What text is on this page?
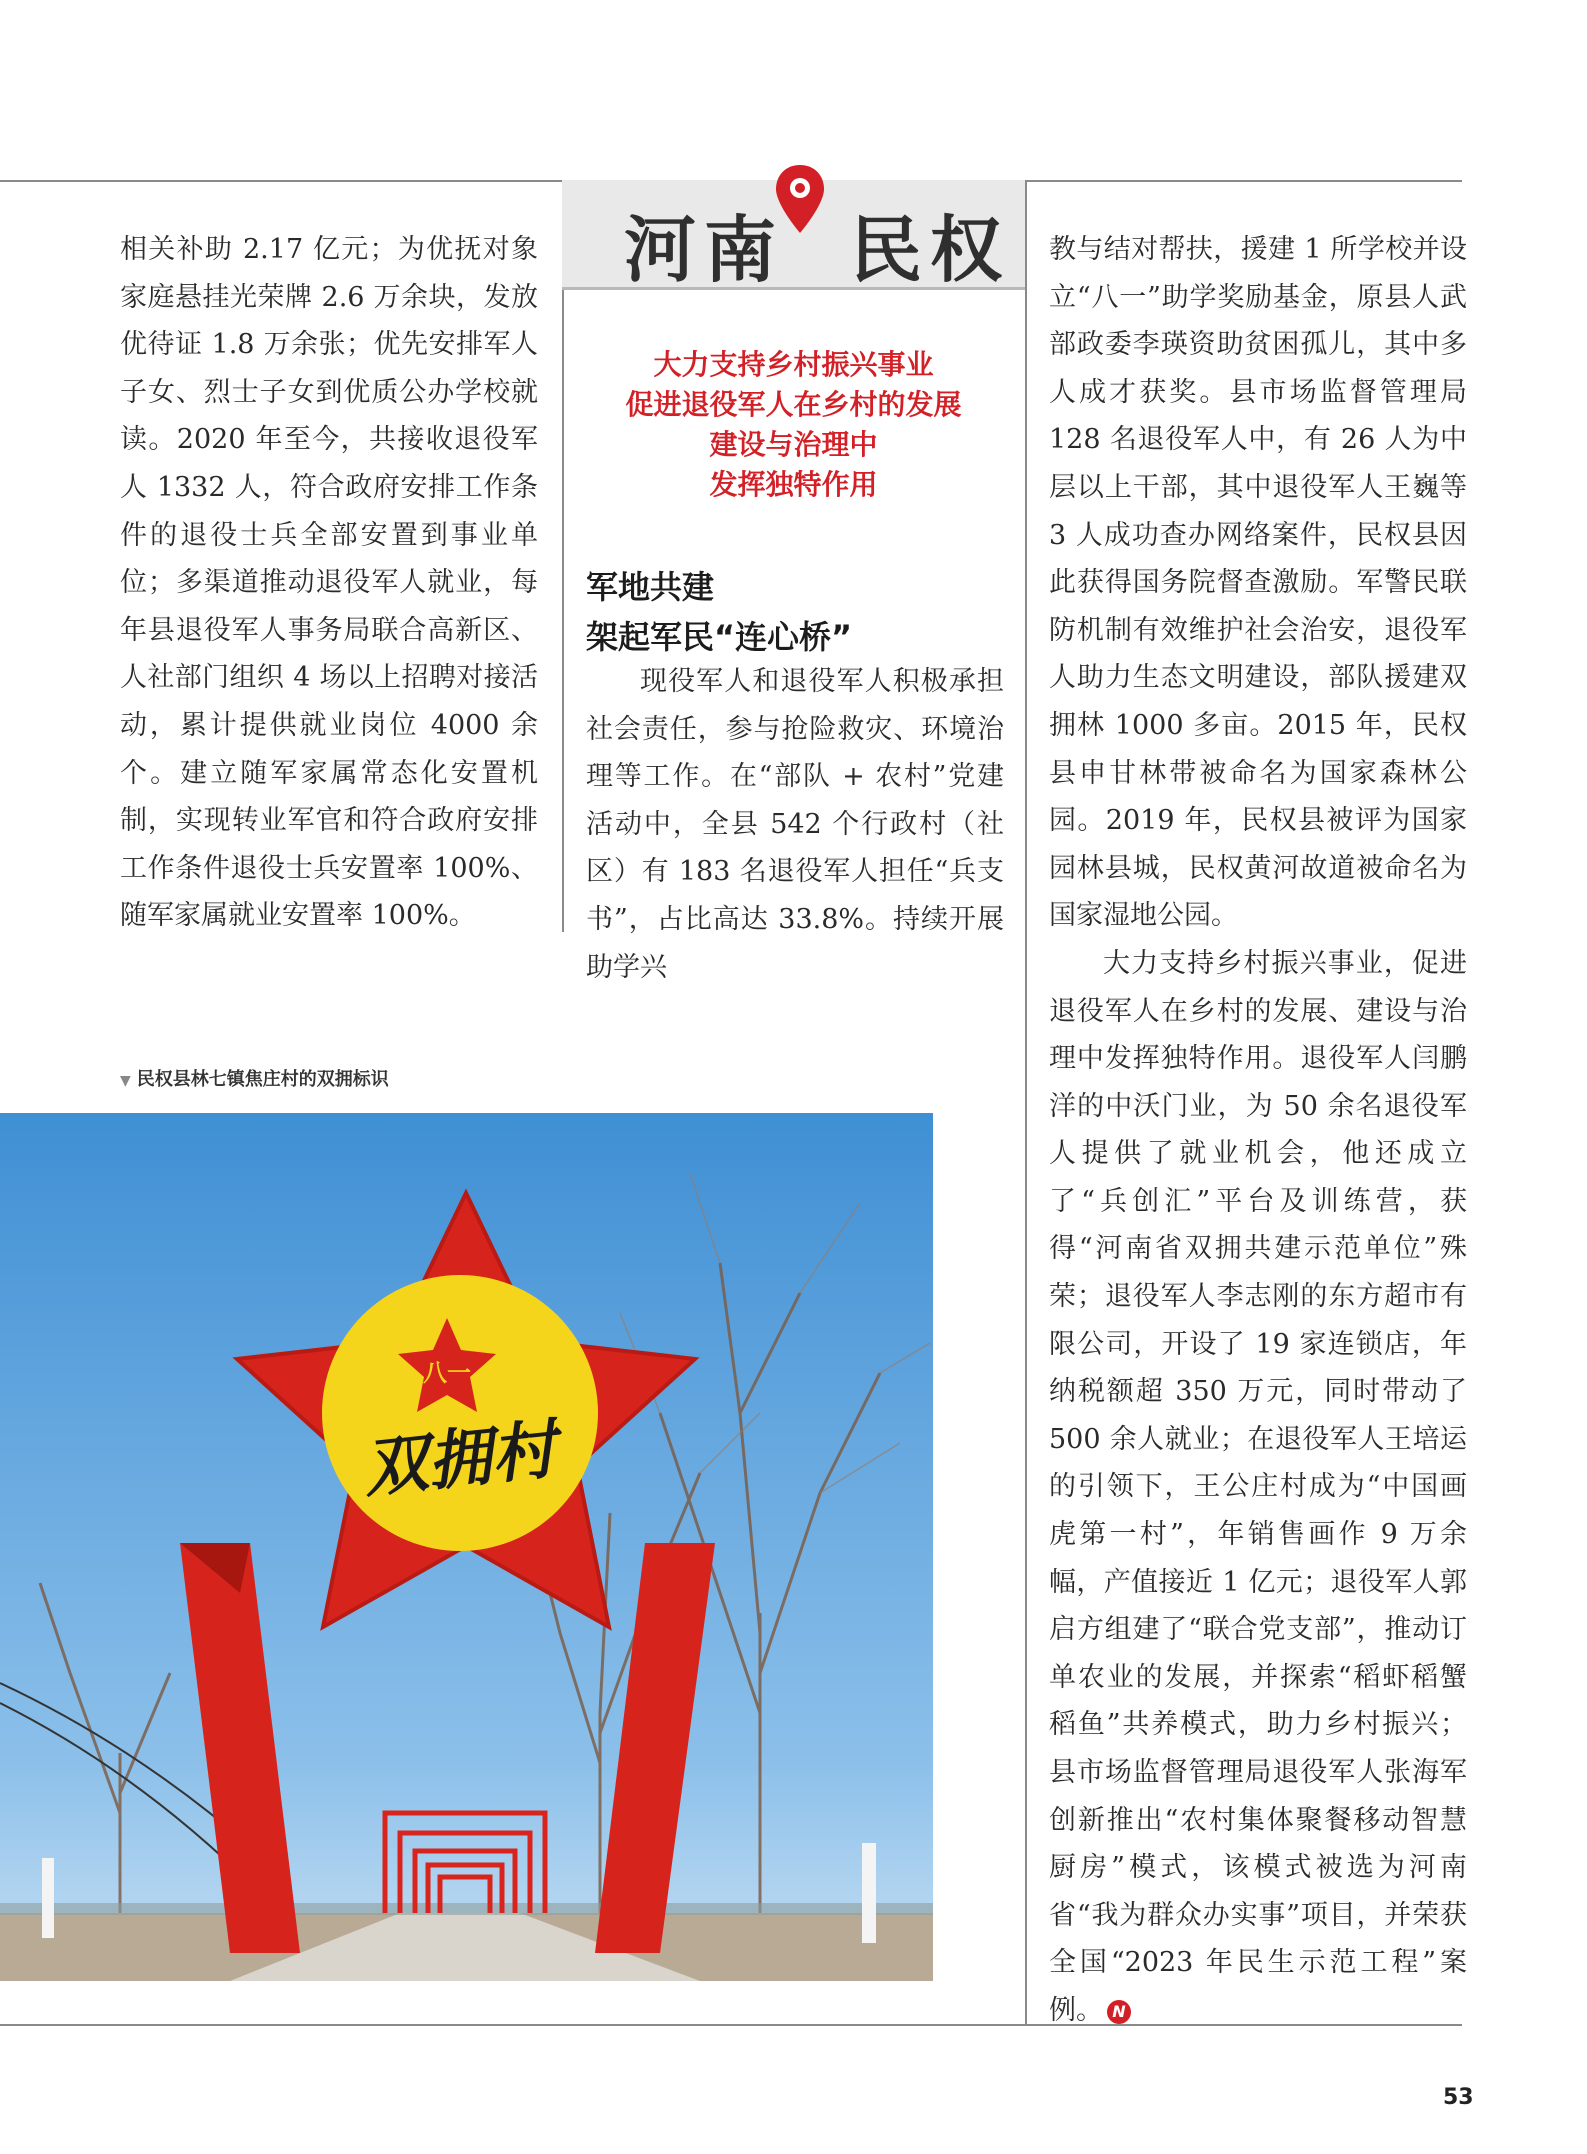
河南 民权
大力支持乡村振兴事业
促进退役军人在乡村的发展
建设与治理中
发挥独特作用
军地共建
架起军民“连心桥”

相关补助 2.17 亿元；为优抚对象家庭悬挂光荣牌 2.6 万余块，发放优待证 1.8 万余张；优先安排军人子女、烈士子女到优质公办学校就读。2020 年至今，共接收退役军人 1332 人，符合政府安排工作条件的退役士兵全部安置到事业单位；多渠道推动退役军人就业，每年县退役军人事务局联合高新区、人社部门组织 4 场以上招聘对接活动，累计提供就业岗位 4000 余个。建立随军家属常态化安置机制，实现转业军官和符合政府安排工作条件退役士兵安置率 100%、随军家属就业安置率 100%。

现役军人和退役军人积极承担社会责任，参与抢险救灾、环境治理等工作。在“部队 + 农村”党建活动中，全县 542 个行政村（社区）有 183 名退役军人担任“兵支书”，占比高达 33.8%。持续开展助学兴

教与结对帮扶，援建 1 所学校并设立“八一”助学奖励基金，原县人武部政委李瑛资助贫困孤儿，其中多人成才获奖。县市场监督管理局 128 名退役军人中，有 26 人为中层以上干部，其中退役军人王巍等 3 人成功查办网络案件，民权县因此获得国务院督查激励。军警民联防机制有效维护社会治安，退役军人助力生态文明建设，部队援建双拥林 1000 多亩。2015 年，民权县申甘林带被命名为国家森林公园。2019 年，民权县被评为国家园林县城，民权黄河故道被命名为国家湿地公园。

大力支持乡村振兴事业，促进退役军人在乡村的发展、建设与治理中发挥独特作用。退役军人闫鹏洋的中沃门业，为 50 余名退役军人提供了就业机会，他还成立了“兵创汇”平台及训练营，获得“河南省双拥共建示范单位”殊荣；退役军人李志刚的东方超市有限公司，开设了 19 家连锁店，年纳税额超 350 万元，同时带动了 500 余人就业；在退役军人王培运的引领下，王公庄村成为“中国画虎第一村”，年销售画作 9 万余幅，产值接近 1 亿元；退役军人郭启方组建了“联合党支部”，推动订单农业的发展，并探索“稻虾稻蟹稻鱼”共养模式，助力乡村振兴；县市场监督管理局退役军人张海军创新推出“农村集体聚餐移动智慧厨房”模式，该模式被选为河南省“我为群众办实事”项目，并荣获全国“2023 年民生示范工程”案例。 N

▼ 民权县林七镇焦庄村的双拥标识
八一
双拥村
53
